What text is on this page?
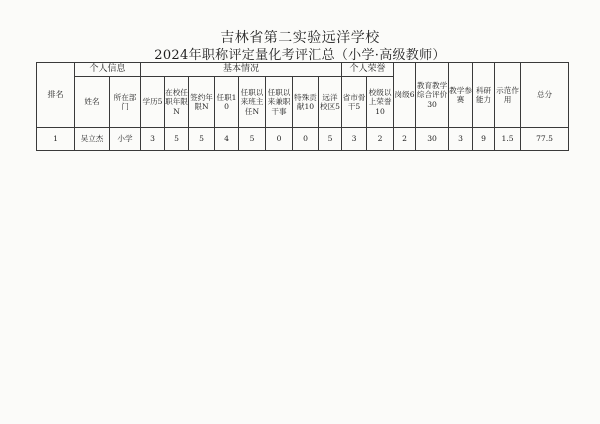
吉林省第二实验远洋学校
2024年职称评定量化考评汇总（小学·高级教师）
排名	个人信息		基本情况								个人荣誉		岗级6	教育教学综合评价30	教学参赛	科研能力	示范作用	总分
	姓名	所在部门	学历5	在校任职年限N	签约年限N	任职10	任职以来班主任N	任职以来兼职干事	特殊贡献10	远洋校区5	省市骨干5	校级以上荣誉10						
1	吴立杰	小学	3	5	5	4	5	0	0	5	3	2	2	30	3	9	1.5	77.5
